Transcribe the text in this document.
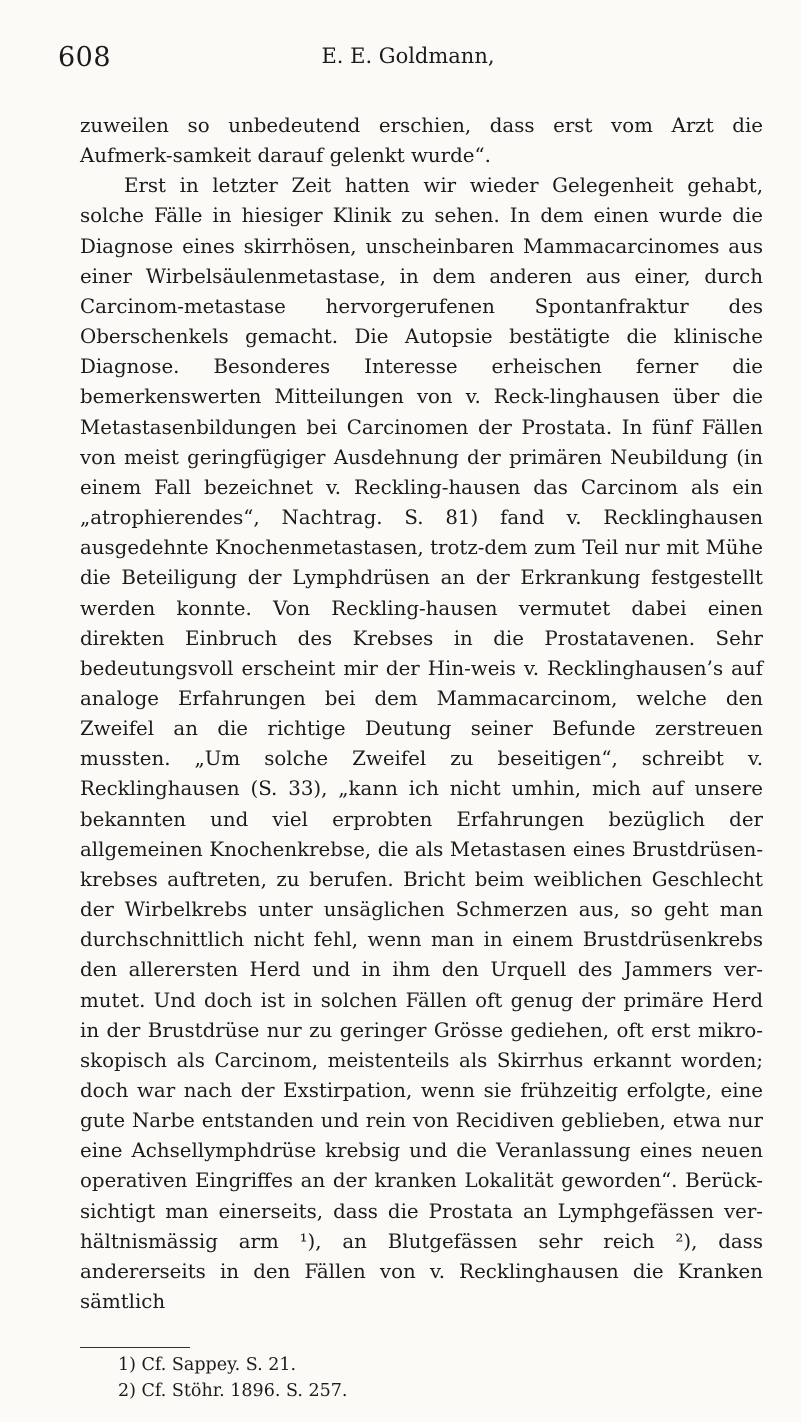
608	E. E. Goldmann,

zuweilen so unbedeutend erschien, dass erst vom Arzt die Aufmerk-samkeit darauf gelenkt wurde“.

Erst in letzter Zeit hatten wir wieder Gelegenheit gehabt, solche Fälle in hiesiger Klinik zu sehen. In dem einen wurde die Diagnose eines skirrhösen, unscheinbaren Mammacarcinomes aus einer Wirbelsäulenmetastase, in dem anderen aus einer, durch Carcinom-metastase hervorgerufenen Spontanfraktur des Oberschenkels gemacht. Die Autopsie bestätigte die klinische Diagnose. Besonderes Interesse erheischen ferner die bemerkenswerten Mitteilungen von v. Reck-linghausen über die Metastasenbildungen bei Carcinomen der Prostata. In fünf Fällen von meist geringfügiger Ausdehnung der primären Neubildung (in einem Fall bezeichnet v. Reckling-hausen das Carcinom als ein „atrophierendes“, Nachtrag. S. 81) fand v. Recklinghausen ausgedehnte Knochenmetastasen, trotz-dem zum Teil nur mit Mühe die Beteiligung der Lymphdrüsen an der Erkrankung festgestellt werden konnte. Von Reckling-hausen vermutet dabei einen direkten Einbruch des Krebses in die Prostatavenen. Sehr bedeutungsvoll erscheint mir der Hin-weis v. Recklinghausen’s auf analoge Erfahrungen bei dem Mammacarcinom, welche den Zweifel an die richtige Deutung seiner Befunde zerstreuen mussten. „Um solche Zweifel zu beseitigen“, schreibt v. Recklinghausen (S. 33), „kann ich nicht umhin, mich auf unsere bekannten und viel erprobten Erfahrungen bezüglich der allgemeinen Knochenkrebse, die als Metastasen eines Brustdrüsen-krebses auftreten, zu berufen. Bricht beim weiblichen Geschlecht der Wirbelkrebs unter unsäglichen Schmerzen aus, so geht man durchschnittlich nicht fehl, wenn man in einem Brustdrüsenkrebs den allerersten Herd und in ihm den Urquell des Jammers ver-mutet. Und doch ist in solchen Fällen oft genug der primäre Herd in der Brustdrüse nur zu geringer Grösse gediehen, oft erst mikro-skopisch als Carcinom, meistenteils als Skirrhus erkannt worden; doch war nach der Exstirpation, wenn sie frühzeitig erfolgte, eine gute Narbe entstanden und rein von Recidiven geblieben, etwa nur eine Achsellymphdrüse krebsig und die Veranlassung eines neuen operativen Eingriffes an der kranken Lokalität geworden“. Berück-sichtigt man einerseits, dass die Prostata an Lymphgefässen ver-hältnismässig arm ¹), an Blutgefässen sehr reich ²), dass andererseits in den Fällen von v. Recklinghausen die Kranken sämtlich

1) Cf. Sappey. S. 21.

2) Cf. Stöhr. 1896. S. 257.
